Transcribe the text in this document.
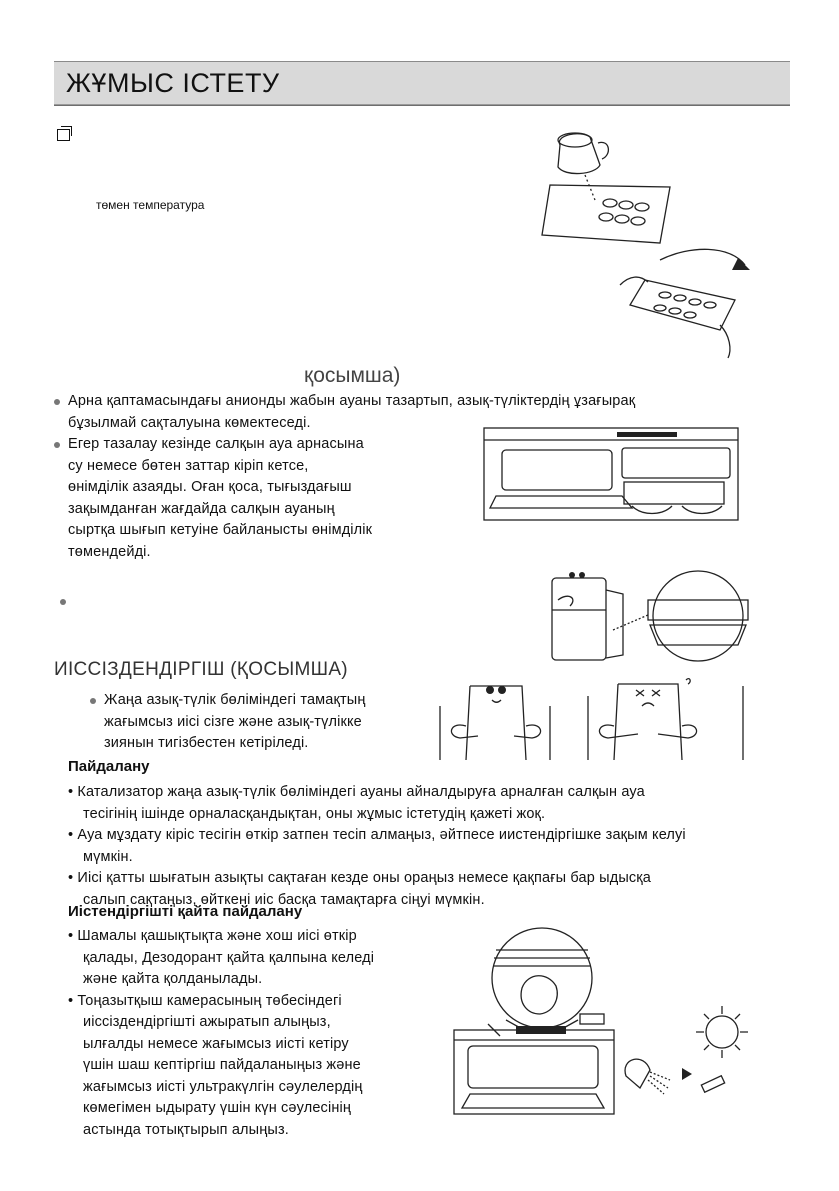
ЖҰМЫС ІСТЕТУ
төмен температура
қосымша)

Арна қаптамасындағы анионды жабын ауаны тазартып, азық-түліктердің ұзағырақ

бұзылмай сақталуына көмектеседі.

Егер тазалау кезінде салқын ауа арнасына

су немесе бөтен заттар кіріп кетсе,

өнімділік азаяды. Оған қоса, тығыздағыш

зақымданған жағдайда салқын ауаның

сыртқа шығып кетуіне байланысты өнімділік

төмендейді.

ИІССІЗДЕНДІРГІШ (ҚОСЫМША)

Жаңа азық-түлік бөліміндегі тамақтың

жағымсыз иісі сізге және азық-түлікке

зиянын тигізбестен кетіріледі.

Пайдалану

• Катализатор жаңа азық-түлік бөліміндегі ауаны айналдыруға арналған салқын ауа

тесігінің ішінде орналасқандықтан, оны жұмыс істетудің қажеті жоқ.

• Ауа мұздату кіріс тесігін өткір затпен тесіп алмаңыз, әйтпесе иистендіргішке зақым келуі

мүмкін.

• Иісі қатты шығатын азықты сақтаған кезде оны ораңыз немесе қақпағы бар ыдысқа

салып сақтаңыз, өйткені иіс басқа тамақтарға сіңуі мүмкін.

Иістендіргішті қайта пайдалану

• Шамалы қашықтықта және хош иісі өткір

қалады, Дезодорант қайта қалпына келеді

және қайта қолданылады.

• Тоңазытқыш камерасының төбесіндегі

иіссіздендіргішті ажыратып алыңыз,

ылғалды немесе жағымсыз иісті кетіру

үшін шаш кептіргіш пайдаланыңыз және

жағымсыз иісті ультракүлгін сәулелердің

көмегімен ыдырату үшін күн сәулесінің

астында тотықтырып алыңыз.
